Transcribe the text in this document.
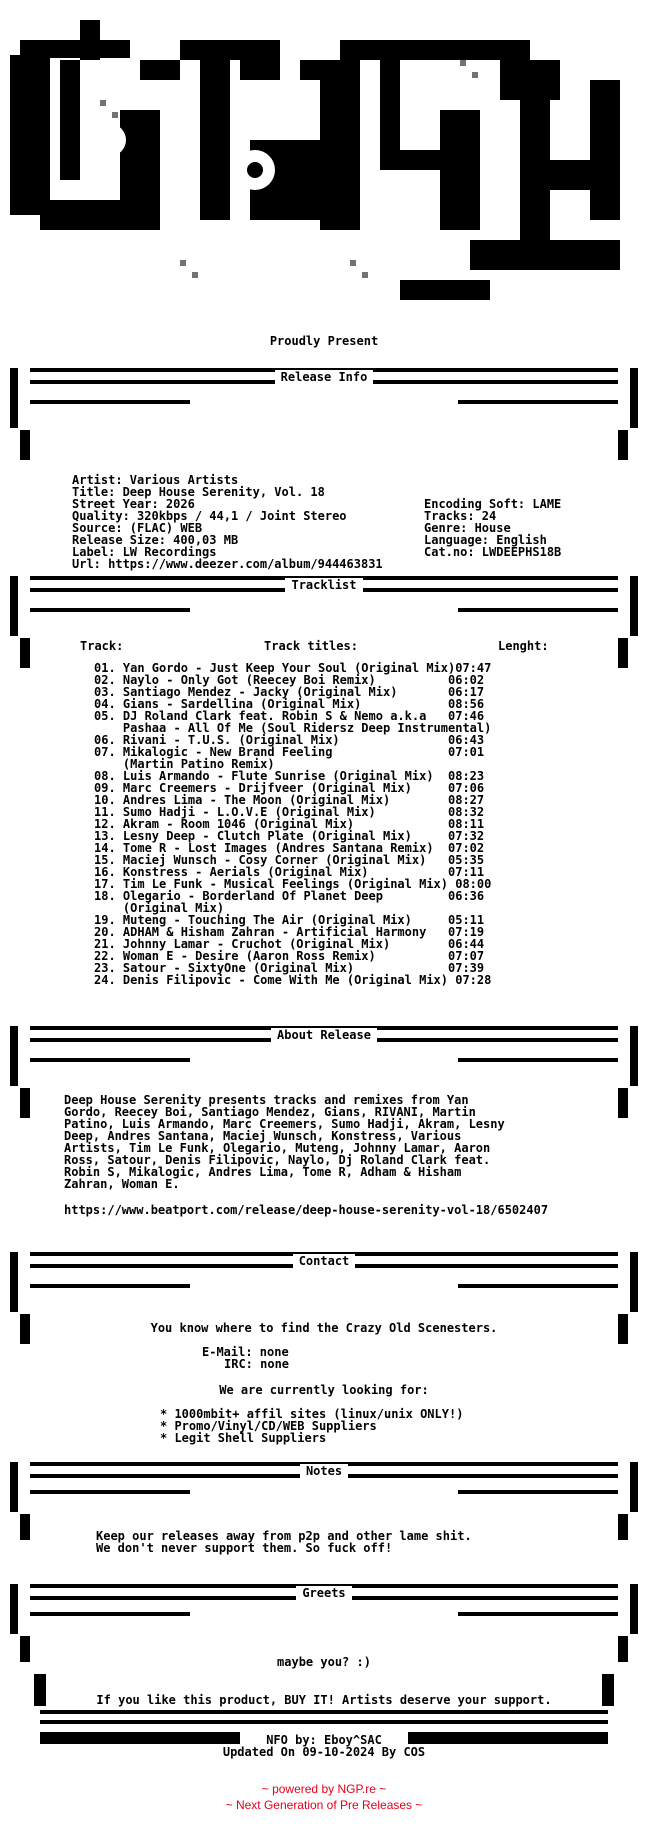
Proudly Present
Release Info
Artist: Various Artists
Title: Deep House Serenity, Vol. 18
Street Year: 2026
Quality: 320kbps / 44,1 / Joint Stereo
Source: (FLAC) WEB
Release Size: 400,03 MB
Label: LW Recordings
Url: https://www.deezer.com/album/944463831
Encoding Soft: LAME
Tracks: 24
Genre: House
Language: English
Cat.no: LWDEEPHS18B
Tracklist
Track:	Track titles:	Lenght:
01. Yan Gordo - Just Keep Your Soul (Original Mix)07:47
02. Naylo - Only Got (Reecey Boi Remix)          06:02
03. Santiago Mendez - Jacky (Original Mix)       06:17
04. Gians - Sardellina (Original Mix)            08:56
05. DJ Roland Clark feat. Robin S & Nemo a.k.a   07:46
Pashaa - All Of Me (Soul Ridersz Deep Instrumental)
06. Rivani - T.U.S. (Original Mix)               06:43
07. Mikalogic - New Brand Feeling                07:01
(Martin Patino Remix)
08. Luis Armando - Flute Sunrise (Original Mix)  08:23
09. Marc Creemers - Drijfveer (Original Mix)     07:06
10. Andres Lima - The Moon (Original Mix)        08:27
11. Sumo Hadji - L.O.V.E (Original Mix)          08:32
12. Akram - Room 1046 (Original Mix)             08:11
13. Lesny Deep - Clutch Plate (Original Mix)     07:32
14. Tome R - Lost Images (Andres Santana Remix)  07:02
15. Maciej Wunsch - Cosy Corner (Original Mix)   05:35
16. Konstress - Aerials (Original Mix)           07:11
17. Tim Le Funk - Musical Feelings (Original Mix) 08:00
18. Olegario - Borderland Of Planet Deep         06:36
(Original Mix)
19. Muteng - Touching The Air (Original Mix)     05:11
20. ADHAM & Hisham Zahran - Artificial Harmony   07:19
21. Johnny Lamar - Cruchot (Original Mix)        06:44
22. Woman E - Desire (Aaron Ross Remix)          07:07
23. Satour - SixtyOne (Original Mix)             07:39
24. Denis Filipovic - Come With Me (Original Mix) 07:28
About Release
Deep House Serenity presents tracks and remixes from Yan
Gordo, Reecey Boi, Santiago Mendez, Gians, RIVANI, Martin
Patino, Luis Armando, Marc Creemers, Sumo Hadji, Akram, Lesny
Deep, Andres Santana, Maciej Wunsch, Konstress, Various
Artists, Tim Le Funk, Olegario, Muteng, Johnny Lamar, Aaron
Ross, Satour, Denis Filipovic, Naylo, Dj Roland Clark feat.
Robin S, Mikalogic, Andres Lima, Tome R, Adham & Hisham
Zahran, Woman E.
https://www.beatport.com/release/deep-house-serenity-vol-18/6502407
Contact
You know where to find the Crazy Old Scenesters.
E-Mail: none
IRC: none
We are currently looking for:
* 1000mbit+ affil sites (linux/unix ONLY!)
* Promo/Vinyl/CD/WEB Suppliers
* Legit Shell Suppliers
Notes
Keep our releases away from p2p and other lame shit.
We don't never support them. So fuck off!
Greets
maybe you? :)
If you like this product, BUY IT! Artists deserve your support.
NFO by: Eboy^SAC
Updated On 09-10-2024 By COS
~ powered by NGP.re ~
~ Next Generation of Pre Releases ~
